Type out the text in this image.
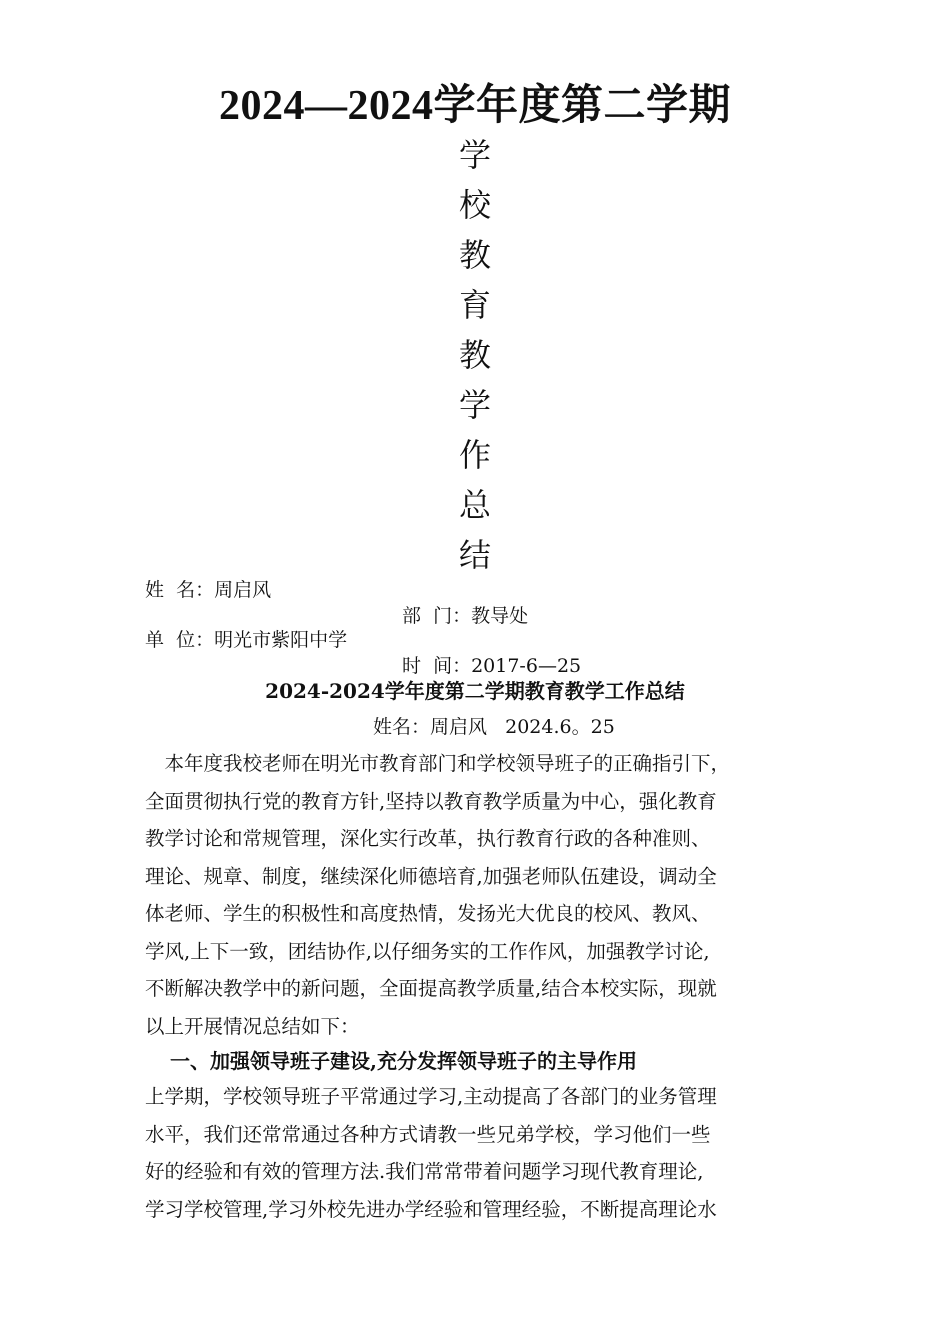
2024—2024学年度第二学期
学
校
教
育
教
学
作
总
结
姓  名：周启风
部  门：教导处
单  位：明光市紫阳中学
时  间：2017-6—25
2024-2024学年度第二学期教育教学工作总结
姓名：周启风   2024.6。25
　本年度我校老师在明光市教育部门和学校领导班子的正确指引下，
全面贯彻执行党的教育方针,坚持以教育教学质量为中心，强化教育
教学讨论和常规管理，深化实行改革，执行教育行政的各种准则、
理论、规章、制度，继续深化师德培育,加强老师队伍建设，调动全
体老师、学生的积极性和高度热情，发扬光大优良的校风、教风、
学风,上下一致，团结协作,以仔细务实的工作作风，加强教学讨论,
不断解决教学中的新问题，全面提高教学质量,结合本校实际，现就
以上开展情况总结如下：
一、加强领导班子建设,充分发挥领导班子的主导作用
上学期，学校领导班子平常通过学习,主动提高了各部门的业务管理
水平，我们还常常通过各种方式请教一些兄弟学校，学习他们一些
好的经验和有效的管理方法.我们常常带着问题学习现代教育理论,
学习学校管理,学习外校先进办学经验和管理经验，不断提高理论水
